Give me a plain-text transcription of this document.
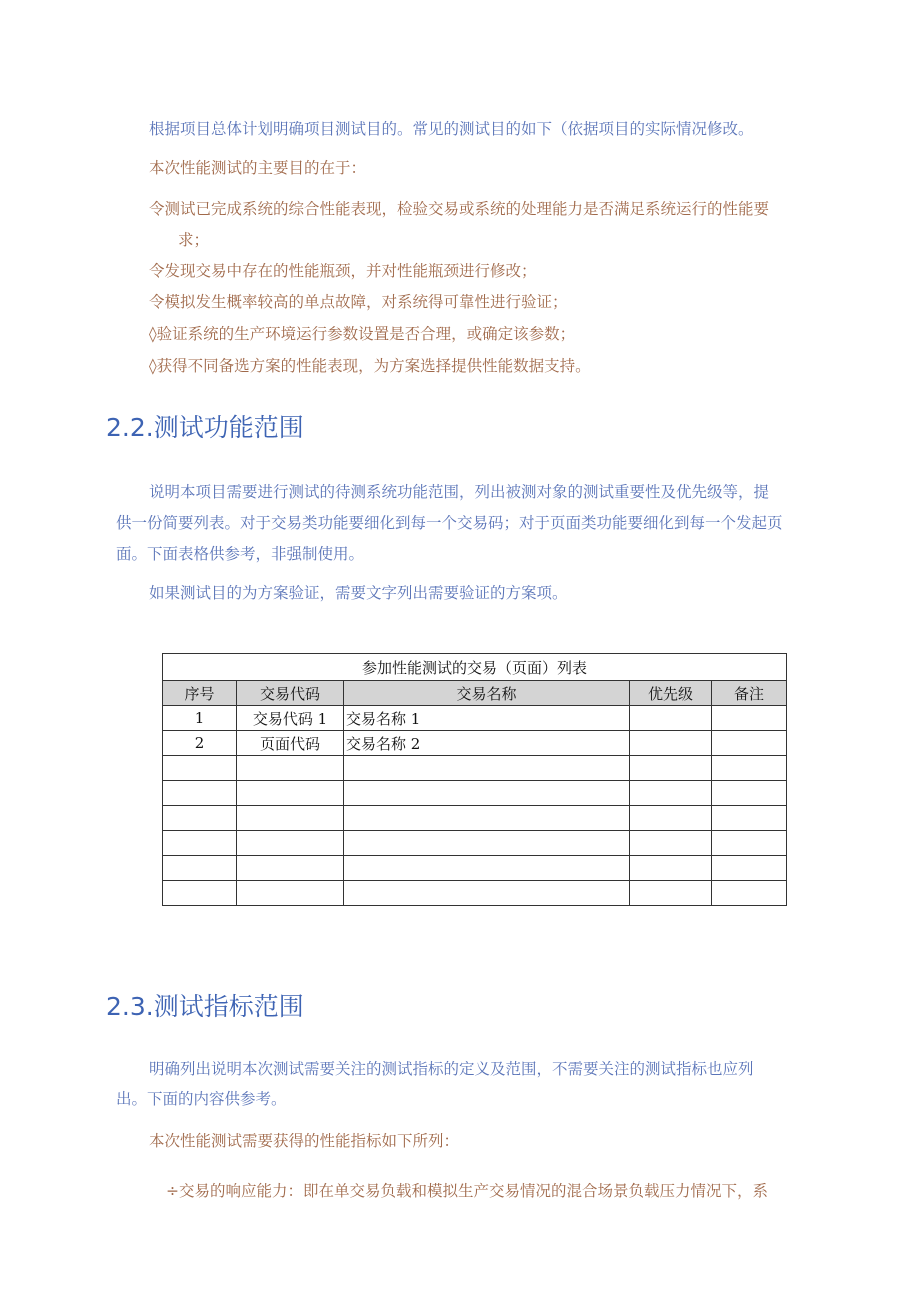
根据项目总体计划明确项目测试目的。常见的测试目的如下（依据项目的实际情况修改。
本次性能测试的主要目的在于：
令测试已完成系统的综合性能表现，检验交易或系统的处理能力是否满足系统运行的性能要
求；
令发现交易中存在的性能瓶颈，并对性能瓶颈进行修改；
令模拟发生概率较高的单点故障，对系统得可靠性进行验证；
◊验证系统的生产环境运行参数设置是否合理，或确定该参数；
◊获得不同备选方案的性能表现，为方案选择提供性能数据支持。
2.2.测试功能范围
说明本项目需要进行测试的待测系统功能范围，列出被测对象的测试重要性及优先级等，提
供一份简要列表。对于交易类功能要细化到每一个交易码；对于页面类功能要细化到每一个发起页
面。下面表格供参考，非强制使用。
如果测试目的为方案验证，需要文字列出需要验证的方案项。
参加性能测试的交易（页面）列表				
序号	交易代码	交易名称	优先级	备注
1	交易代码 1	交易名称 1		
2	页面代码	交易名称 2		

2.3.测试指标范围
明确列出说明本次测试需要关注的测试指标的定义及范围，不需要关注的测试指标也应列
出。下面的内容供参考。
本次性能测试需要获得的性能指标如下所列：
÷交易的响应能力：即在单交易负载和模拟生产交易情况的混合场景负载压力情况下，系
